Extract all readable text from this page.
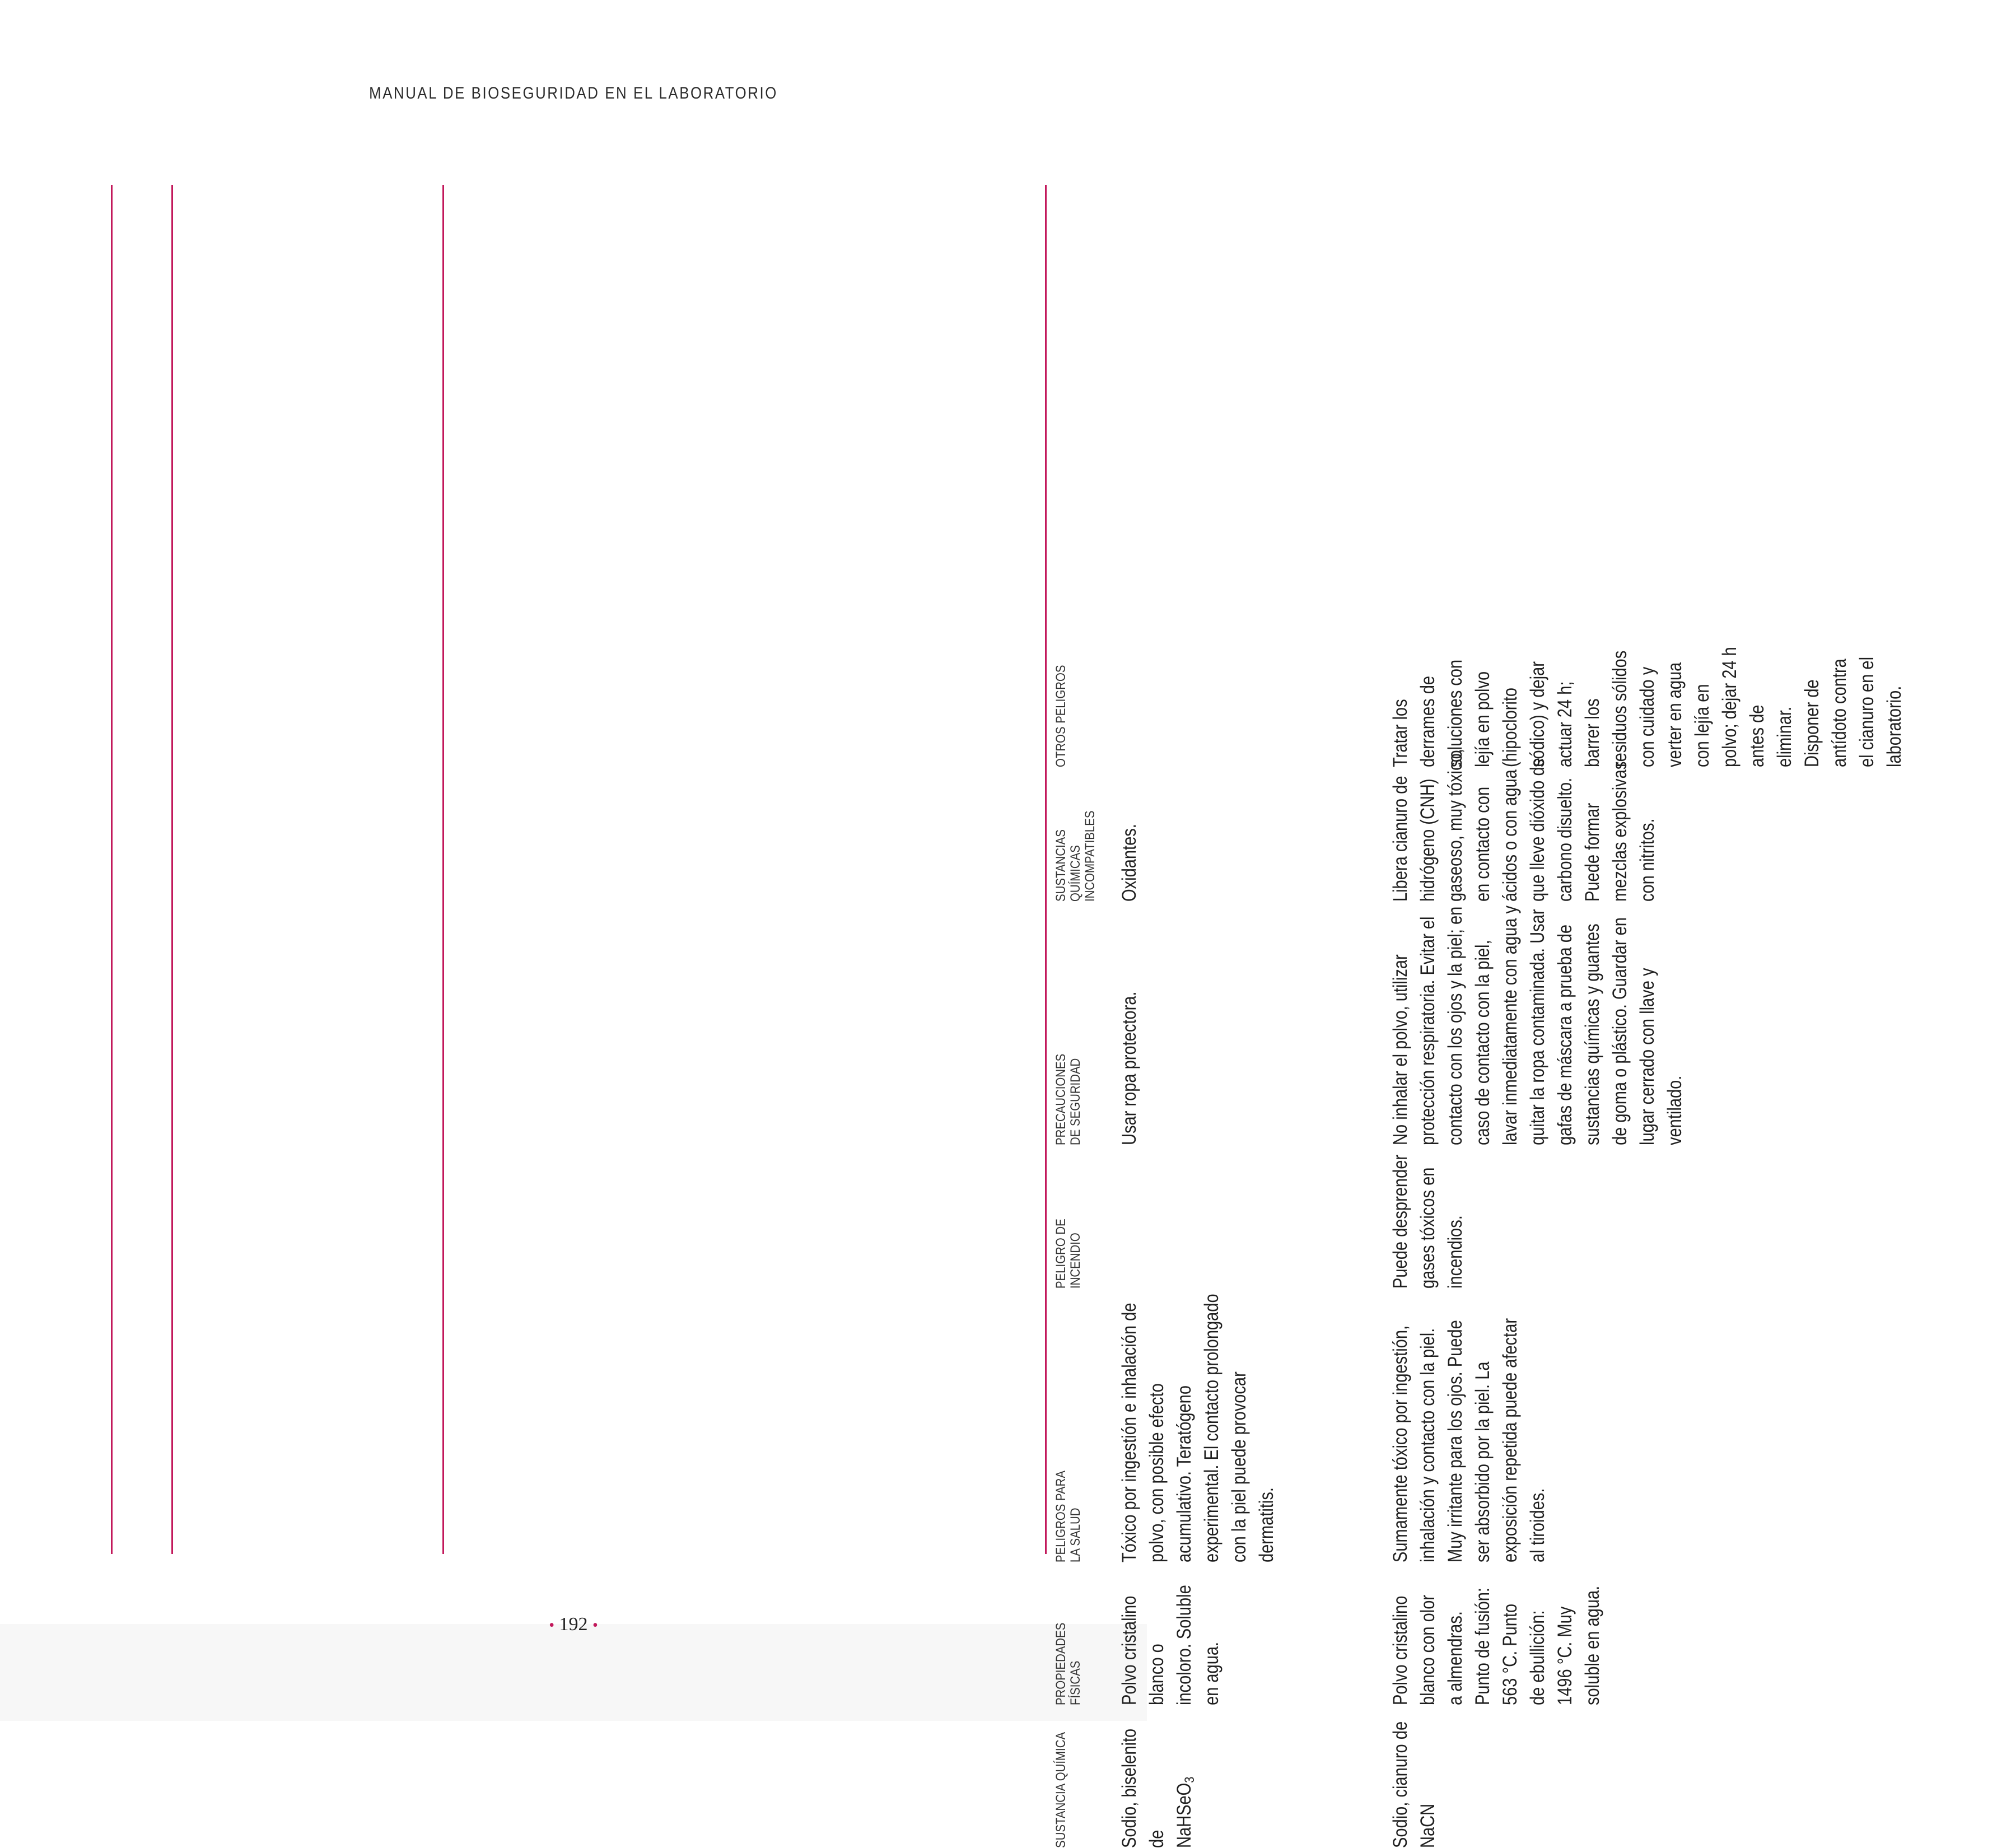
MANUAL DE BIOSEGURIDAD EN EL LABORATORIO
SUSTANCIA QUÍMICA
PROPIEDADES FÍSICAS
PELIGROS PARA LA SALUD
PELIGRO DE INCENDIO
PRECAUCIONES DE SEGURIDAD
SUSTANCIAS QUÍMICAS INCOMPATIBLES
OTROS PELIGROS
Sodio, biselenito de NaHSeO$_3$
Polvo cristalino blanco o incoloro. Soluble en agua.
Tóxico por ingestión e inhalación de polvo, con posible efecto acumulativo. Teratógeno experimental. El contacto prolongado con la piel puede provocar dermatitis.
Usar ropa protectora.
Oxidantes.
Sodio, cianuro de NaCN
Polvo cristalino blanco con olor a almendras. Punto de fusión: 563 °C. Punto de ebullición: 1496 °C. Muy soluble en agua.
Sumamente tóxico por ingestión, inhalación y contacto con la piel. Muy irritante para los ojos. Puede ser absorbido por la piel. La exposición repetida puede afectar al tiroides.
Puede desprender gases tóxicos en incendios.
No inhalar el polvo, utilizar protección respiratoria. Evitar el contacto con los ojos y la piel; en caso de contacto con la piel, lavar inmediatamente con agua y quitar la ropa contaminada. Usar gafas de máscara a prueba de sustancias químicas y guantes de goma o plástico. Guardar en lugar cerrado con llave y ventilado.
Libera cianuro de hidrógeno (CNH) gaseoso, muy tóxico, en contacto con ácidos o con agua que lleve dióxido de carbono disuelto. Puede formar mezclas explosivas con nitritos.
Tratar los derrames de soluciones con lejía en polvo (hipoclorito sódico) y dejar actuar 24 h; barrer los residuos sólidos con cuidado y verter en agua con lejía en polvo; dejar 24 h antes de eliminar. Disponer de antídoto contra el cianuro en el laboratorio.
• 192 •
